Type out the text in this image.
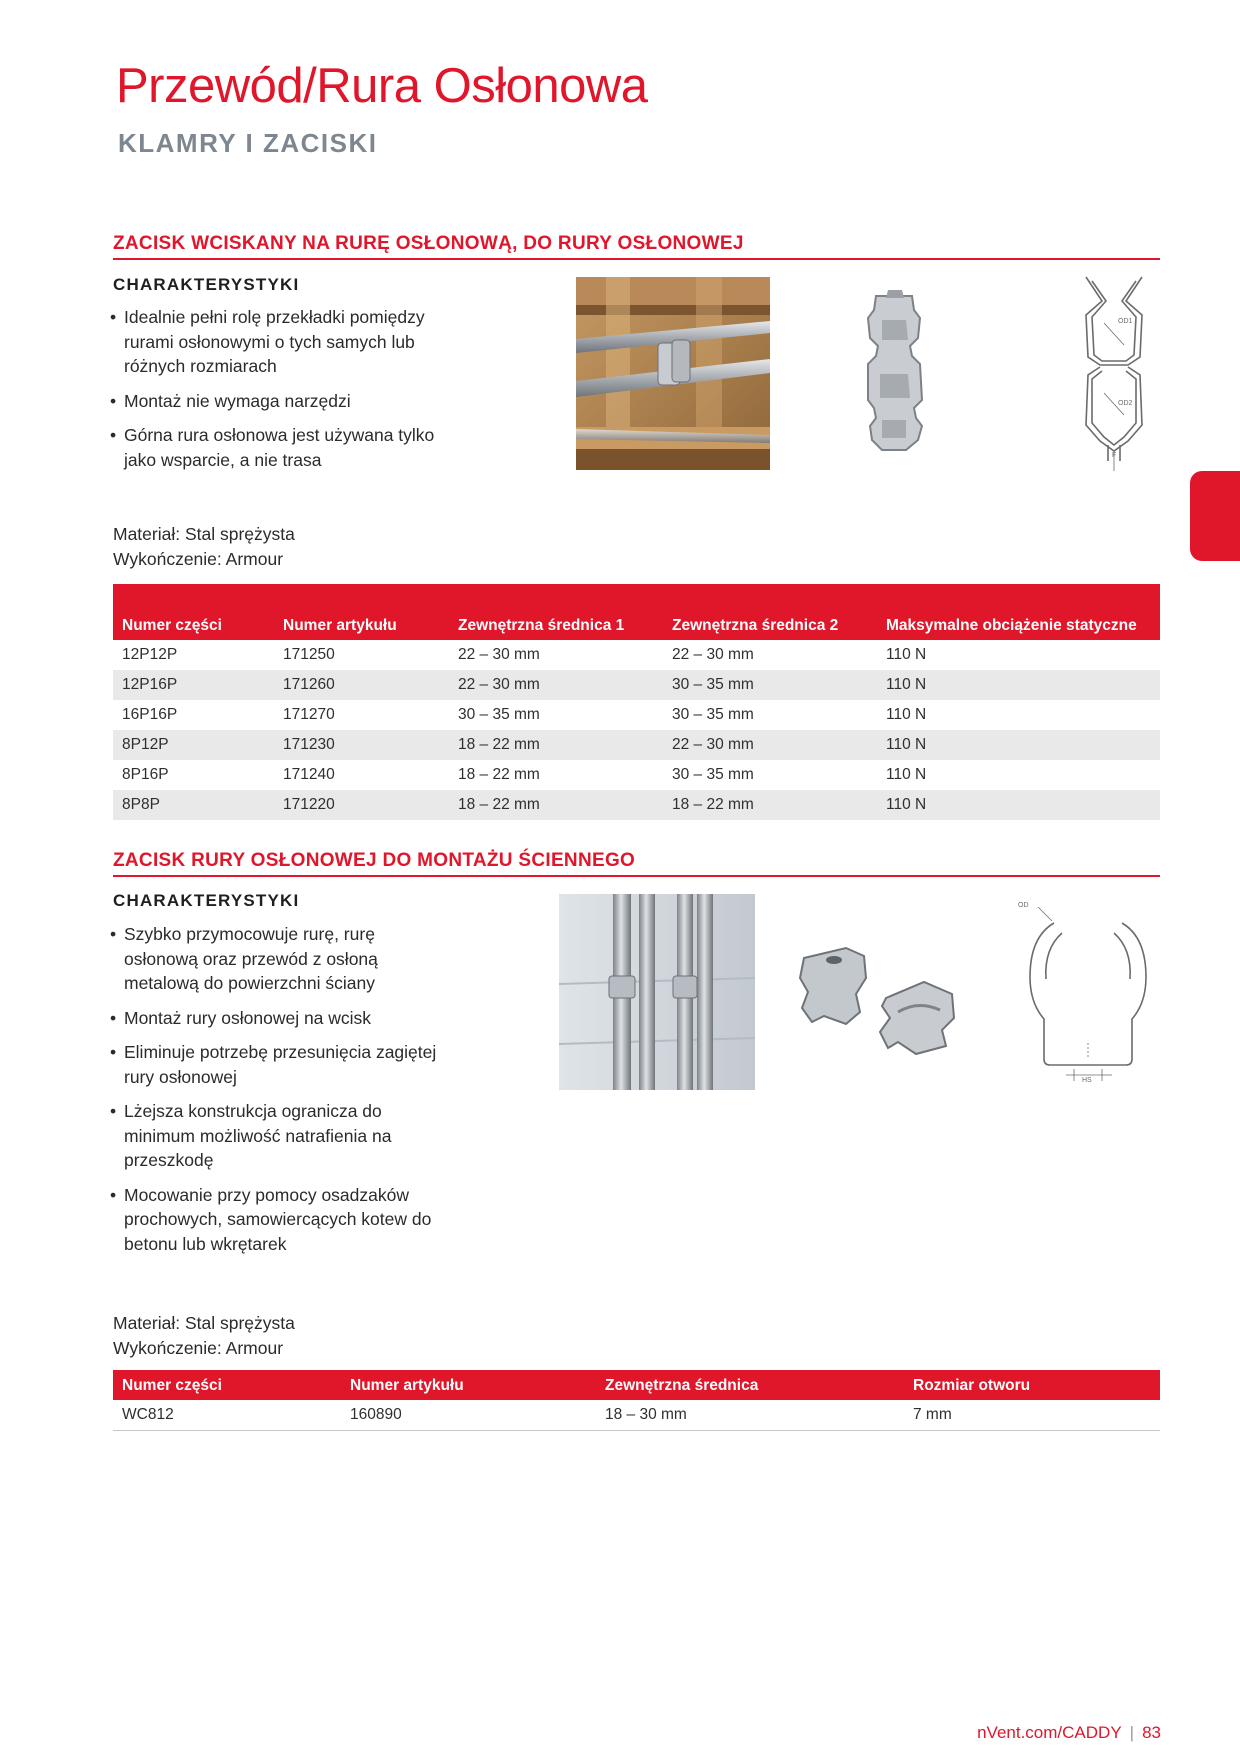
Przewód/Rura Osłonowa
KLAMRY I ZACISKI
ZACISK WCISKANY NA RURĘ OSŁONOWĄ, DO RURY OSŁONOWEJ
CHARAKTERYSTYKI
• Idealnie pełni rolę przekładki pomiędzy rurami osłonowymi o tych samych lub różnych rozmiarach
• Montaż nie wymaga narzędzi
• Górna rura osłonowa jest używana tylko jako wsparcie, a nie trasa
Materiał: Stal sprężysta
Wykończenie: Armour
OD1
OD2
F
Numer części	Numer artykułu	Zewnętrzna średnica 1	Zewnętrzna średnica 2	Maksymalne obciążenie statyczne
12P12P	171250	22 – 30 mm	22 – 30 mm	110 N
12P16P	171260	22 – 30 mm	30 – 35 mm	110 N
16P16P	171270	30 – 35 mm	30 – 35 mm	110 N
8P12P	171230	18 – 22 mm	22 – 30 mm	110 N
8P16P	171240	18 – 22 mm	30 – 35 mm	110 N
8P8P	171220	18 – 22 mm	18 – 22 mm	110 N
ZACISK RURY OSŁONOWEJ DO MONTAŻU ŚCIENNEGO
CHARAKTERYSTYKI
• Szybko przymocowuje rurę, rurę osłonową oraz przewód z osłoną metalową do powierzchni ściany
• Montaż rury osłonowej na wcisk
• Eliminuje potrzebę przesunięcia zagiętej rury osłonowej
• Lżejsza konstrukcja ogranicza do minimum możliwość natrafienia na przeszkodę
• Mocowanie przy pomocy osadzaków prochowych, samowiercących kotew do betonu lub wkrętarek
Materiał: Stal sprężysta
Wykończenie: Armour
OD
HS
Numer części	Numer artykułu	Zewnętrzna średnica	Rozmiar otworu
WC812	160890	18 – 30 mm	7 mm
nVent.com/CADDY | 83
